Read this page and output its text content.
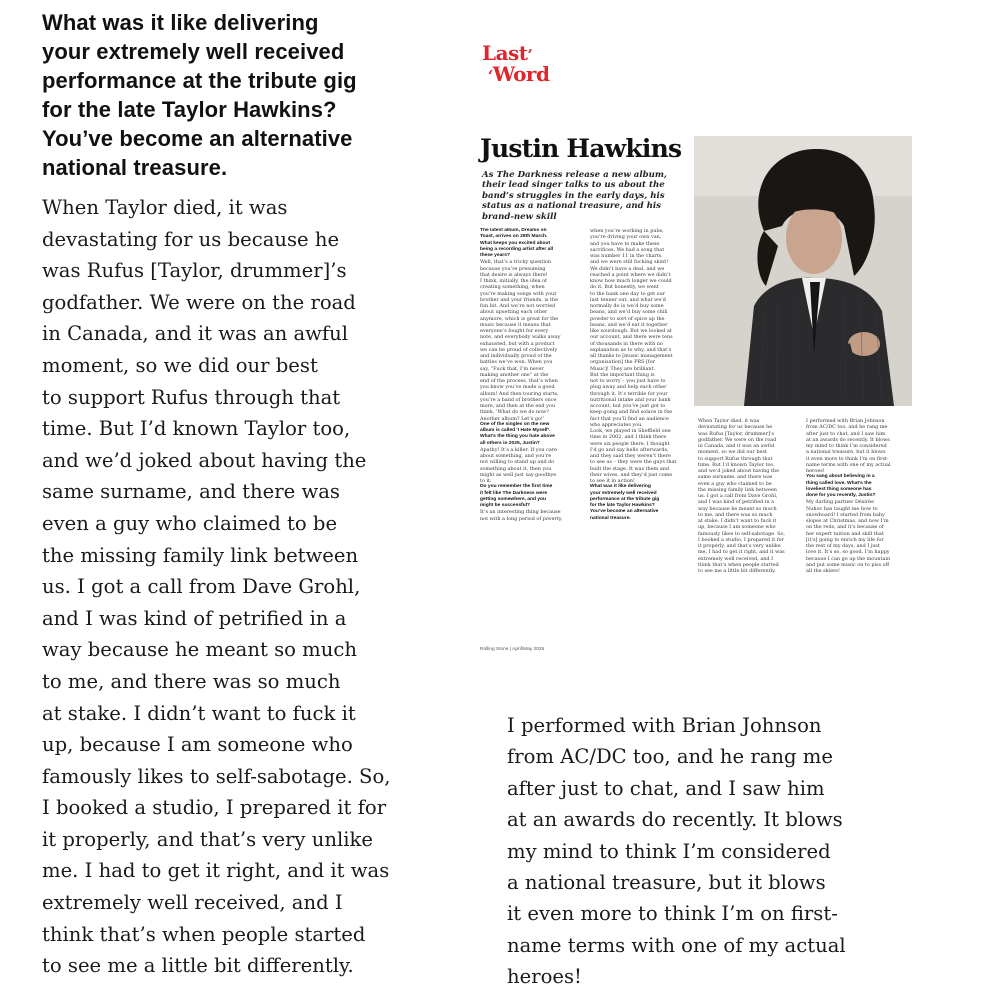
What was it like delivering
your extremely well received
performance at the tribute gig
for the late Taylor Hawkins?
You’ve become an alternative
national treasure.
When Taylor died, it was
devastating for us because he
was Rufus [Taylor, drummer]’s
godfather. We were on the road
in Canada, and it was an awful
moment, so we did our best
to support Rufus through that
time. But I’d known Taylor too,
and we’d joked about having the
same surname, and there was
even a guy who claimed to be
the missing family link between
us. I got a call from Dave Grohl,
and I was kind of petrified in a
way because he meant so much
to me, and there was so much
at stake. I didn’t want to fuck it
up, because I am someone who
famously likes to self-sabotage. So,
I booked a studio, I prepared it for
it properly, and that’s very unlike
me. I had to get it right, and it was
extremely well received, and I
think that’s when people started
to see me a little bit differently.
Last’
‘Word
Justin Hawkins
As The Darkness release a new album, their lead singer talks to us about the band’s struggles in the early days, his status as a national treasure, and his brand-new skill
The latest album, Dreams on
Toast, arrives on 28th March.
What keeps you excited about
being a recording artist after all
these years?
Well, that’s a tricky question
because you’re presuming
that desire is always there!
I think, initially, the idea of
creating something, when
you’re making songs with your
brother and your friends, is the
fun bit. And we’re not worried
about upsetting each other
anymore, which is great for the
music because it means that
everyone’s fought for every
note, and everybody walks away
exhausted, but with a product
we can be proud of collectively
and individually proud of the
battles we’ve won. When you
say, “Fuck that, I’m never
making another one” at the
end of the process, that’s when
you know you’ve made a good
album! And then touring starts,
you’re a band of brothers once
more, and then at the end you
think, ‘What do we do now?
Another album? Let’s go!’
One of the singles on the new
album is called ‘I Hate Myself’.
What’s the thing you hate above
all others in 2025, Justin?
Apathy! It’s a killer. If you care
about something, and you’re
not willing to stand up and do
something about it, then you
might as well just say goodbye
to it.
Do you remember the first time
it felt like The Darkness were
getting somewhere, and you
might be successful?
It’s an interesting thing because
not with a long period of poverty,
when you’re working in pubs,
you’re driving your own van,
and you have to make these
sacrifices. We had a song that
was number 11 in the charts,
and we were still fucking skint!
We didn’t have a deal, and we
reached a point where we didn’t
know how much longer we could
do it. But honestly, we went
to the bank one day to get our
last tenner out, and what we’d
normally do is we’d buy some
beans, and we’d buy some chili
powder to sort of spice up the
beans, and we’d eat it together
like sourdough. But we looked at
our account, and there were tens
of thousands in there with no
explanation as to why, and that’s
all thanks to [music management
organisation] the PRS [for
Music]! They are brilliant.
But the important thing is
not to worry – you just have to
plug away and help each other
through it. It’s terrible for your
nutritional intake and your bank
account, but you’ve just got to
keep going and find solace in the
fact that you’ll find an audience
who appreciates you.
Look, we played in Sheffield one
time in 2002, and I think there
were six people there. I thought
I’d go and say hello afterwards,
and they said they weren’t there
to see us – they were the guys that
built the stage. It was them and
their wives, and they’d just come
to see it in action!
What was it like delivering
your extremely well received
performance at the tribute gig
for the late Taylor Hawkins?
You’ve become an alternative
national treasure.
When Taylor died, it was
devastating for us because he
was Rufus [Taylor, drummer]’s
godfather. We were on the road
in Canada, and it was an awful
moment, so we did our best
to support Rufus through that
time. But I’d known Taylor too,
and we’d joked about having the
same surname, and there was
even a guy who claimed to be
the missing family link between
us. I got a call from Dave Grohl,
and I was kind of petrified in a
way because he meant so much
to me, and there was so much
at stake. I didn’t want to fuck it
up, because I am someone who
famously likes to self-sabotage. So,
I booked a studio, I prepared it for
it properly, and that’s very unlike
me. I had to get it right, and it was
extremely well received, and I
think that’s when people started
to see me a little bit differently.
I performed with Brian Johnson
from AC/DC too, and he rang me
after just to chat, and I saw him
at an awards do recently. It blows
my mind to think I’m considered
a national treasure, but it blows
it even more to think I’m on first-
name terms with one of my actual
heroes!
You sang about believing in a
thing called love. What’s the
loveliest thing someone has
done for you recently, Justin?
My darling partner Désirée
Nuhoc has taught me how to
snowboard! I started from baby
slopes at Christmas, and now I’m
on the reds, and it’s because of
her expert tuition and skill that
[it’s] going to enrich my life for
the rest of my days, and I just
love it. It’s so, so good. I’m happy
because I can go up the mountain
and put some music on to piss off
all the skiers!
Rolling Stone | April/May 2025
I performed with Brian Johnson
from AC/DC too, and he rang me
after just to chat, and I saw him
at an awards do recently. It blows
my mind to think I’m considered
a national treasure, but it blows
it even more to think I’m on first-
name terms with one of my actual
heroes!
